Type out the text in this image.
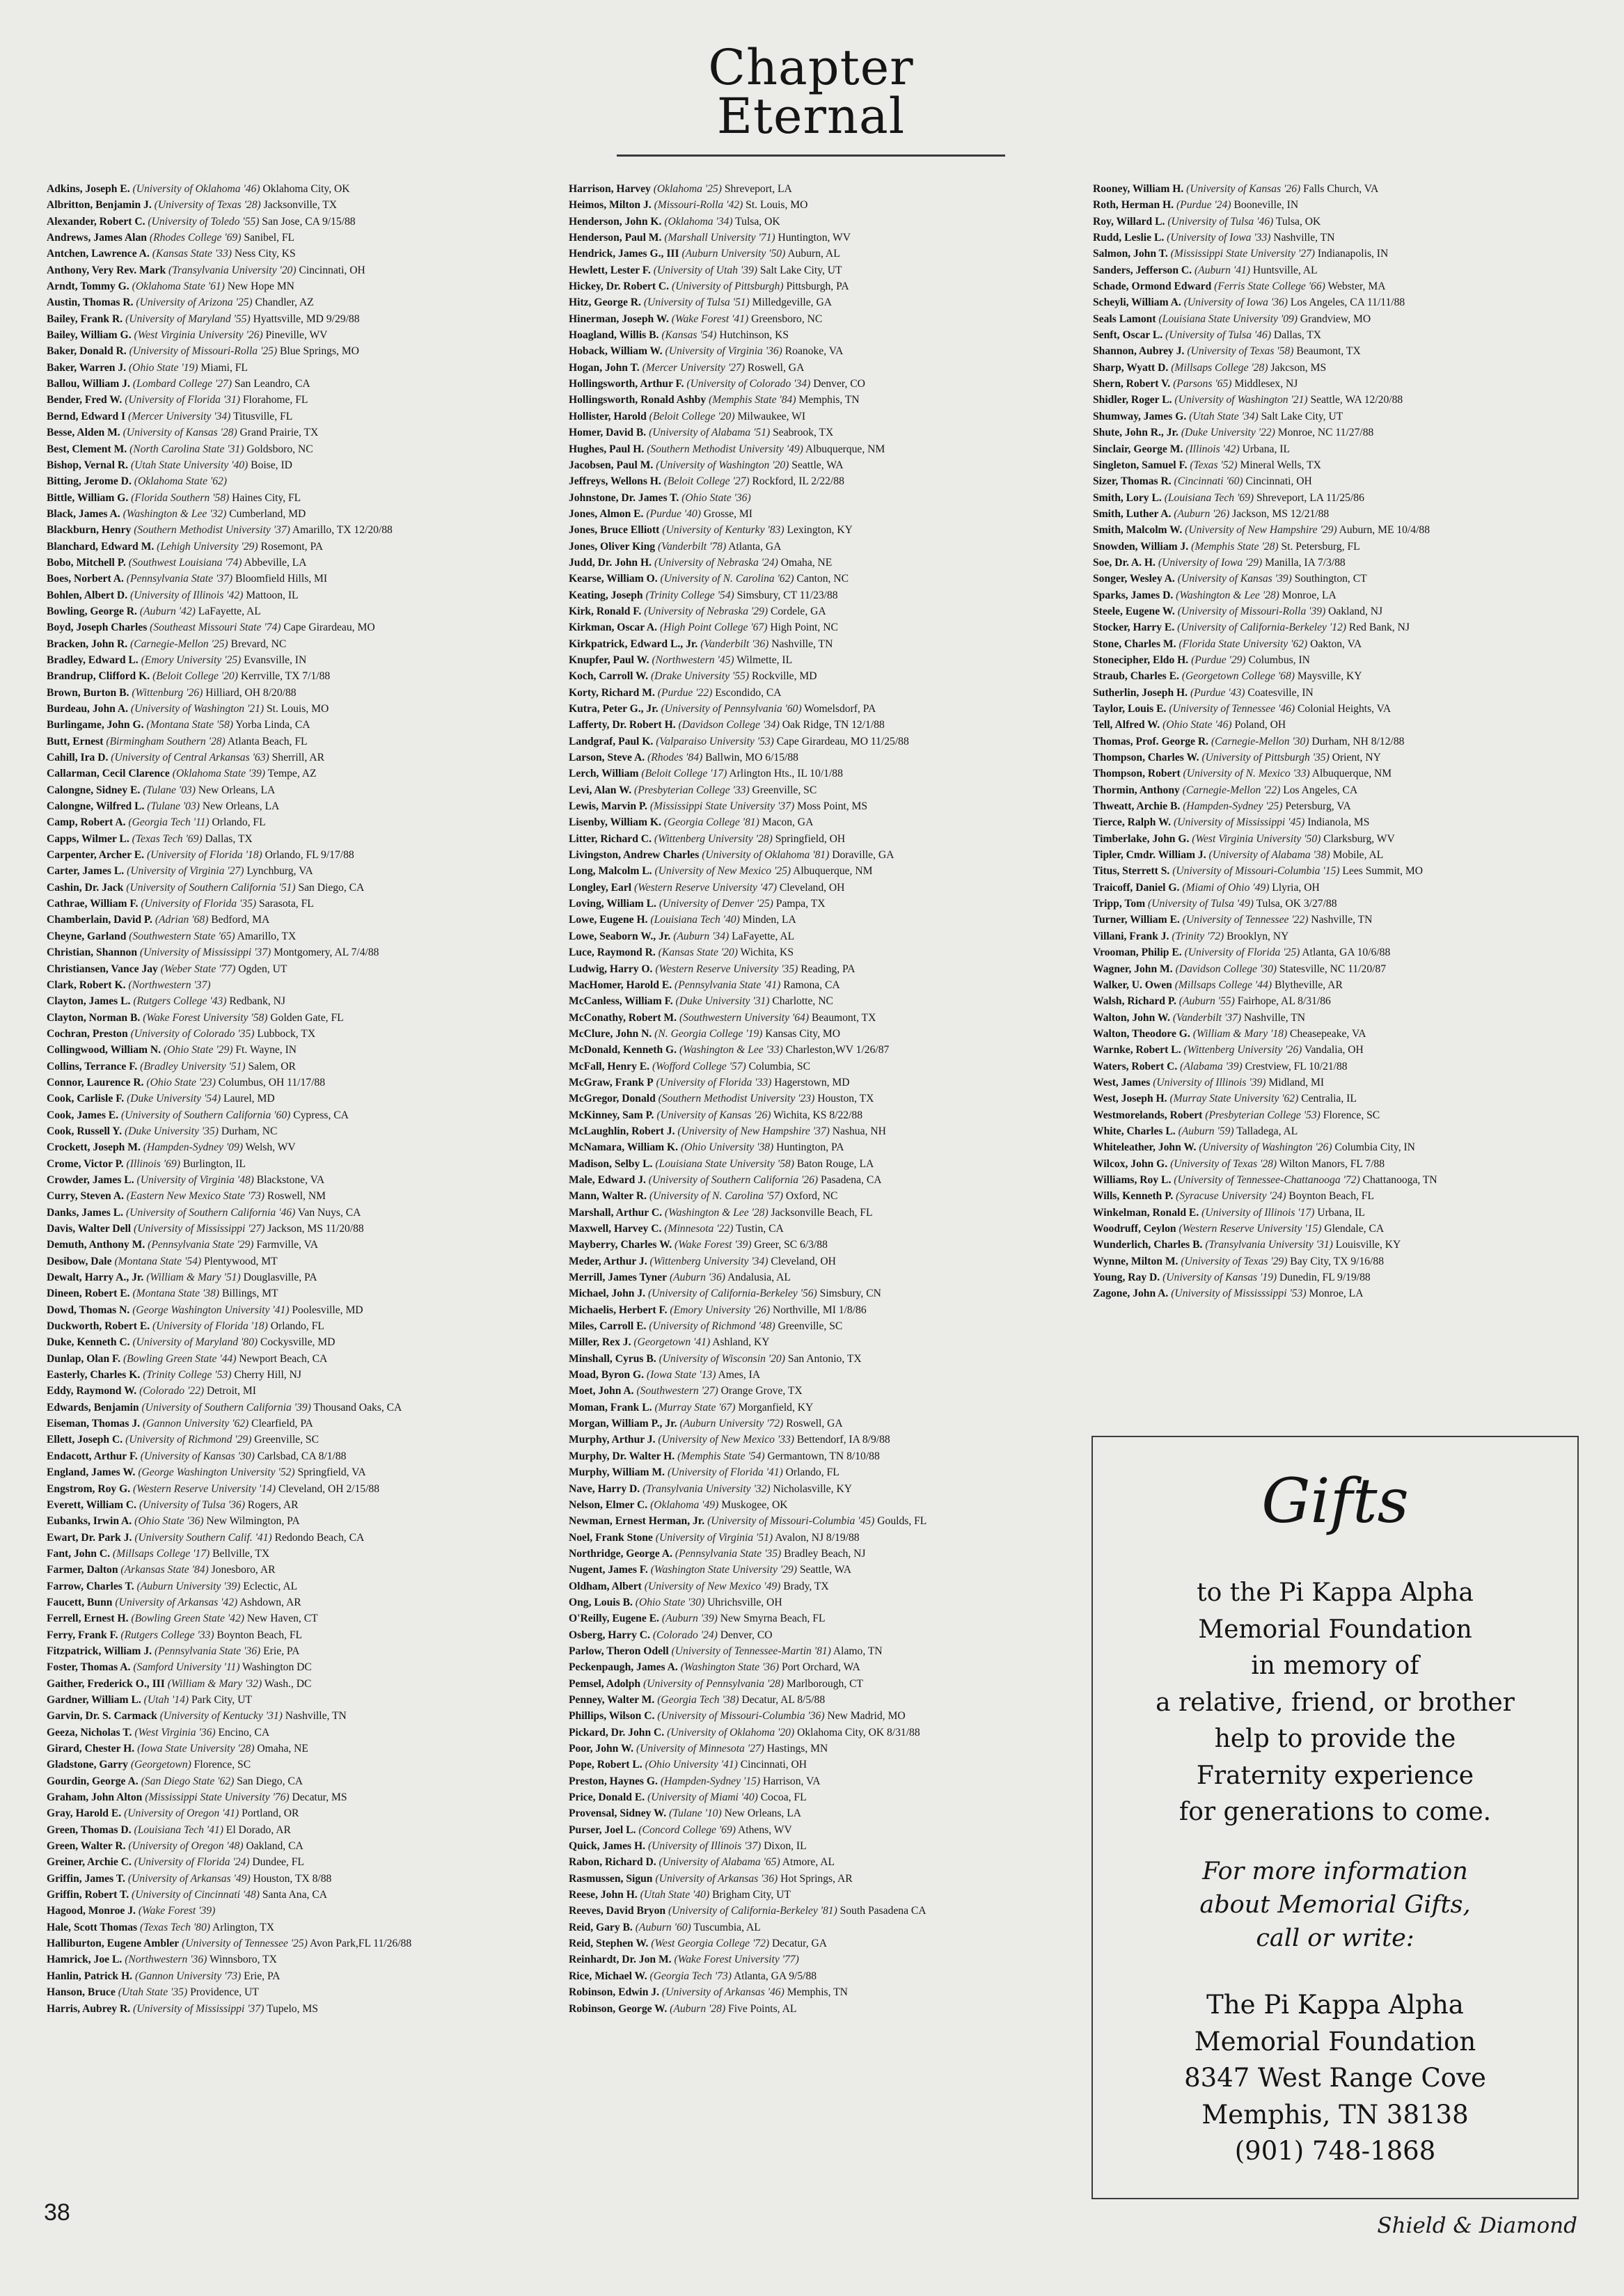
Chapter Eternal
Adkins, Joseph E. (University of Oklahoma '46) Oklahoma City, OK
Albritton, Benjamin J. (University of Texas '28) Jacksonville, TX
Alexander, Robert C. (University of Toledo '55) San Jose, CA 9/15/88
Andrews, James Alan (Rhodes College '69) Sanibel, FL
Antchen, Lawrence A. (Kansas State '33) Ness City, KS
Anthony, Very Rev. Mark (Transylvania University '20) Cincinnati, OH
Arndt, Tommy G. (Oklahoma State '61) New Hope MN
Austin, Thomas R. (University of Arizona '25) Chandler, AZ
Bailey, Frank R. (University of Maryland '55) Hyattsville, MD 9/29/88
Bailey, William G. (West Virginia University '26) Pineville, WV
Baker, Donald R. (University of Missouri-Rolla '25) Blue Springs, MO
Baker, Warren J. (Ohio State '19) Miami, FL
Ballou, William J. (Lombard College '27) San Leandro, CA
Bender, Fred W. (University of Florida '31) Florahome, FL
Bernd, Edward I (Mercer University '34) Titusville, FL
Besse, Alden M. (University of Kansas '28) Grand Prairie, TX
Best, Clement M. (North Carolina State '31) Goldsboro, NC
Bishop, Vernal R. (Utah State University '40) Boise, ID
Bitting, Jerome D. (Oklahoma State '62)
Bittle, William G. (Florida Southern '58) Haines City, FL
Black, James A. (Washington & Lee '32) Cumberland, MD
Blackburn, Henry (Southern Methodist University '37) Amarillo, TX 12/20/88
Blanchard, Edward M. (Lehigh University '29) Rosemont, PA
Bobo, Mitchell P. (Southwest Louisiana '74) Abbeville, LA
Boes, Norbert A. (Pennsylvania State '37) Bloomfield Hills, MI
Bohlen, Albert D. (University of Illinois '42) Mattoon, IL
Bowling, George R. (Auburn '42) LaFayette, AL
Boyd, Joseph Charles (Southeast Missouri State '74) Cape Girardeau, MO
Bracken, John R. (Carnegie-Mellon '25) Brevard, NC
Bradley, Edward L. (Emory University '25) Evansville, IN
Brandrup, Clifford K. (Beloit College '20) Kerrville, TX 7/1/88
Brown, Burton B. (Wittenburg '26) Hilliard, OH 8/20/88
Burdeau, John A. (University of Washington '21) St. Louis, MO
Burlingame, John G. (Montana State '58) Yorba Linda, CA
Butt, Ernest (Birmingham Southern '28) Atlanta Beach, FL
Cahill, Ira D. (University of Central Arkansas '63) Sherrill, AR
Callarman, Cecil Clarence (Oklahoma State '39) Tempe, AZ
Calongne, Sidney E. (Tulane '03) New Orleans, LA
Calongne, Wilfred L. (Tulane '03) New Orleans, LA
Camp, Robert A. (Georgia Tech '11) Orlando, FL
Capps, Wilmer L. (Texas Tech '69) Dallas, TX
Carpenter, Archer E. (University of Florida '18) Orlando, FL 9/17/88
Carter, James L. (University of Virginia '27) Lynchburg, VA
Cashin, Dr. Jack (University of Southern California '51) San Diego, CA
Cathrae, William F. (University of Florida '35) Sarasota, FL
Chamberlain, David P. (Adrian '68) Bedford, MA
Cheyne, Garland (Southwestern State '65) Amarillo, TX
Christian, Shannon (University of Mississippi '37) Montgomery, AL 7/4/88
Christiansen, Vance Jay (Weber State '77) Ogden, UT
Clark, Robert K. (Northwestern '37)
Clayton, James L. (Rutgers College '43) Redbank, NJ
Clayton, Norman B. (Wake Forest University '58) Golden Gate, FL
Cochran, Preston (University of Colorado '35) Lubbock, TX
Collingwood, William N. (Ohio State '29) Ft. Wayne, IN
Collins, Terrance F. (Bradley University '51) Salem, OR
Connor, Laurence R. (Ohio State '23) Columbus, OH 11/17/88
Cook, Carlisle F. (Duke University '54) Laurel, MD
Cook, James E. (University of Southern California '60) Cypress, CA
Cook, Russell Y. (Duke University '35) Durham, NC
Crockett, Joseph M. (Hampden-Sydney '09) Welsh, WV
Crome, Victor P. (Illinois '69) Burlington, IL
Crowder, James L. (University of Virginia '48) Blackstone, VA
Curry, Steven A. (Eastern New Mexico State '73) Roswell, NM
Danks, James L. (University of Southern California '46) Van Nuys, CA
Davis, Walter Dell (University of Mississippi '27) Jackson, MS 11/20/88
Demuth, Anthony M. (Pennsylvania State '29) Farmville, VA
Desibow, Dale (Montana State '54) Plentywood, MT
Dewalt, Harry A., Jr. (William & Mary '51) Douglasville, PA
Dineen, Robert E. (Montana State '38) Billings, MT
Dowd, Thomas N. (George Washington University '41) Poolesville, MD
Duckworth, Robert E. (University of Florida '18) Orlando, FL
Duke, Kenneth C. (University of Maryland '80) Cockysville, MD
Dunlap, Olan F. (Bowling Green State '44) Newport Beach, CA
Easterly, Charles K. (Trinity College '53) Cherry Hill, NJ
Eddy, Raymond W. (Colorado '22) Detroit, MI
Edwards, Benjamin (University of Southern California '39) Thousand Oaks, CA
Eiseman, Thomas J. (Gannon University '62) Clearfield, PA
Ellett, Joseph C. (University of Richmond '29) Greenville, SC
Endacott, Arthur F. (University of Kansas '30) Carlsbad, CA 8/1/88
England, James W. (George Washington University '52) Springfield, VA
Engstrom, Roy G. (Western Reserve University '14) Cleveland, OH 2/15/88
Everett, William C. (University of Tulsa '36) Rogers, AR
Eubanks, Irwin A. (Ohio State '36) New Wilmington, PA
Ewart, Dr. Park J. (University Southern Calif. '41) Redondo Beach, CA
Fant, John C. (Millsaps College '17) Bellville, TX
Farmer, Dalton (Arkansas State '84) Jonesboro, AR
Farrow, Charles T. (Auburn University '39) Eclectic, AL
Faucett, Bunn (University of Arkansas '42) Ashdown, AR
Ferrell, Ernest H. (Bowling Green State '42) New Haven, CT
Ferry, Frank F. (Rutgers College '33) Boynton Beach, FL
Fitzpatrick, William J. (Pennsylvania State '36) Erie, PA
Foster, Thomas A. (Samford University '11) Washington DC
Gaither, Frederick O., III (William & Mary '32) Wash., DC
Gardner, William L. (Utah '14) Park City, UT
Garvin, Dr. S. Carmack (University of Kentucky '31) Nashville, TN
Geeza, Nicholas T. (West Virginia '36) Encino, CA
Girard, Chester H. (Iowa State University '28) Omaha, NE
Gladstone, Garry (Georgetown) Florence, SC
Gourdin, George A. (San Diego State '62) San Diego, CA
Graham, John Alton (Mississippi State University '76) Decatur, MS
Gray, Harold E. (University of Oregon '41) Portland, OR
Green, Thomas D. (Louisiana Tech '41) El Dorado, AR
Green, Walter R. (University of Oregon '48) Oakland, CA
Greiner, Archie C. (University of Florida '24) Dundee, FL
Griffin, James T. (University of Arkansas '49) Houston, TX 8/88
Griffin, Robert T. (University of Cincinnati '48) Santa Ana, CA
Hagood, Monroe J. (Wake Forest '39)
Hale, Scott Thomas (Texas Tech '80) Arlington, TX
Halliburton, Eugene Ambler (University of Tennessee '25) Avon Park,FL 11/26/88
Hamrick, Joe L. (Northwestern '36) Winnsboro, TX
Hanlin, Patrick H. (Gannon University '73) Erie, PA
Hanson, Bruce (Utah State '35) Providence, UT
Harris, Aubrey R. (University of Mississippi '37) Tupelo, MS
Harrison, Harvey (Oklahoma '25) Shreveport, LA
Heimos, Milton J. (Missouri-Rolla '42) St. Louis, MO
Henderson, John K. (Oklahoma '34) Tulsa, OK
Henderson, Paul M. (Marshall University '71) Huntington, WV
Hendrick, James G., III (Auburn University '50) Auburn, AL
Hewlett, Lester F. (University of Utah '39) Salt Lake City, UT
Hickey, Dr. Robert C. (University of Pittsburgh) Pittsburgh, PA
Hitz, George R. (University of Tulsa '51) Milledgeville, GA
Hinerman, Joseph W. (Wake Forest '41) Greensboro, NC
Hoagland, Willis B. (Kansas '54) Hutchinson, KS
Hoback, William W. (University of Virginia '36) Roanoke, VA
Hogan, John T. (Mercer University '27) Roswell, GA
Hollingsworth, Arthur F. (University of Colorado '34) Denver, CO
Hollingsworth, Ronald Ashby (Memphis State '84) Memphis, TN
Hollister, Harold (Beloit College '20) Milwaukee, WI
Homer, David B. (University of Alabama '51) Seabrook, TX
Hughes, Paul H. (Southern Methodist University '49) Albuquerque, NM
Jacobsen, Paul M. (University of Washington '20) Seattle, WA
Jeffreys, Wellons H. (Beloit College '27) Rockford, IL 2/22/88
Johnstone, Dr. James T. (Ohio State '36)
Jones, Almon E. (Purdue '40) Grosse, MI
Jones, Bruce Elliott (University of Kenturky '83) Lexington, KY
Jones, Oliver King (Vanderbilt '78) Atlanta, GA
Judd, Dr. John H. (University of Nebraska '24) Omaha, NE
Kearse, William O. (University of N. Carolina '62) Canton, NC
Keating, Joseph (Trinity College '54) Simsbury, CT 11/23/88
Kirk, Ronald F. (University of Nebraska '29) Cordele, GA
Kirkman, Oscar A. (High Point College '67) High Point, NC
Kirkpatrick, Edward L., Jr. (Vanderbilt '36) Nashville, TN
Knupfer, Paul W. (Northwestern '45) Wilmette, IL
Koch, Carroll W. (Drake University '55) Rockville, MD
Korty, Richard M. (Purdue '22) Escondido, CA
Kutra, Peter G., Jr. (University of Pennsylvania '60) Womelsdorf, PA
Lafferty, Dr. Robert H. (Davidson College '34) Oak Ridge, TN 12/1/88
Landgraf, Paul K. (Valparaiso University '53) Cape Girardeau, MO 11/25/88
Larson, Steve A. (Rhodes '84) Ballwin, MO 6/15/88
Lerch, William (Beloit College '17) Arlington Hts., IL 10/1/88
Levi, Alan W. (Presbyterian College '33) Greenville, SC
Lewis, Marvin P. (Mississippi State University '37) Moss Point, MS
Lisenby, William K. (Georgia College '81) Macon, GA
Litter, Richard C. (Wittenberg University '28) Springfield, OH
Livingston, Andrew Charles (University of Oklahoma '81) Doraville, GA
Long, Malcolm L. (University of New Mexico '25) Albuquerque, NM
Longley, Earl (Western Reserve University '47) Cleveland, OH
Loving, William L. (University of Denver '25) Pampa, TX
Lowe, Eugene H. (Louisiana Tech '40) Minden, LA
Lowe, Seaborn W., Jr. (Auburn '34) LaFayette, AL
Luce, Raymond R. (Kansas State '20) Wichita, KS
Ludwig, Harry O. (Western Reserve University '35) Reading, PA
MacHomer, Harold E. (Pennsylvania State '41) Ramona, CA
McCanless, William F. (Duke University '31) Charlotte, NC
McConathy, Robert M. (Southwestern University '64) Beaumont, TX
McClure, John N. (N. Georgia College '19) Kansas City, MO
McDonald, Kenneth G. (Washington & Lee '33) Charleston,WV 1/26/87
McFall, Henry E. (Wofford College '57) Columbia, SC
McGraw, Frank P (University of Florida '33) Hagerstown, MD
McGregor, Donald (Southern Methodist University '23) Houston, TX
McKinney, Sam P. (University of Kansas '26) Wichita, KS 8/22/88
McLaughlin, Robert J. (University of New Hampshire '37) Nashua, NH
McNamara, William K. (Ohio University '38) Huntington, PA
Madison, Selby L. (Louisiana State University '58) Baton Rouge, LA
Male, Edward J. (University of Southern California '26) Pasadena, CA
Mann, Walter R. (University of N. Carolina '57) Oxford, NC
Marshall, Arthur C. (Washington & Lee '28) Jacksonville Beach, FL
Maxwell, Harvey C. (Minnesota '22) Tustin, CA
Mayberry, Charles W. (Wake Forest '39) Greer, SC 6/3/88
Meder, Arthur J. (Wittenberg University '34) Cleveland, OH
Merrill, James Tyner (Auburn '36) Andalusia, AL
Michael, John J. (University of California-Berkeley '56) Simsbury, CN
Michaelis, Herbert F. (Emory University '26) Northville, MI 1/8/86
Miles, Carroll E. (University of Richmond '48) Greenville, SC
Miller, Rex J. (Georgetown '41) Ashland, KY
Minshall, Cyrus B. (University of Wisconsin '20) San Antonio, TX
Moad, Byron G. (Iowa State '13) Ames, IA
Moet, John A. (Southwestern '27) Orange Grove, TX
Moman, Frank L. (Murray State '67) Morganfield, KY
Morgan, William P., Jr. (Auburn University '72) Roswell, GA
Murphy, Arthur J. (University of New Mexico '33) Bettendorf, IA 8/9/88
Murphy, Dr. Walter H. (Memphis State '54) Germantown, TN 8/10/88
Murphy, William M. (University of Florida '41) Orlando, FL
Nave, Harry D. (Transylvania University '32) Nicholasville, KY
Nelson, Elmer C. (Oklahoma '49) Muskogee, OK
Newman, Ernest Herman, Jr. (University of Missouri-Columbia '45) Goulds, FL
Noel, Frank Stone (University of Virginia '51) Avalon, NJ 8/19/88
Northridge, George A. (Pennsylvania State '35) Bradley Beach, NJ
Nugent, James F. (Washington State University '29) Seattle, WA
Oldham, Albert (University of New Mexico '49) Brady, TX
Ong, Louis B. (Ohio State '30) Uhrichsville, OH
O'Reilly, Eugene E. (Auburn '39) New Smyrna Beach, FL
Osberg, Harry C. (Colorado '24) Denver, CO
Parlow, Theron Odell (University of Tennessee-Martin '81) Alamo, TN
Peckenpaugh, James A. (Washington State '36) Port Orchard, WA
Pemsel, Adolph (University of Pennsylvania '28) Marlborough, CT
Penney, Walter M. (Georgia Tech '38) Decatur, AL 8/5/88
Phillips, Wilson C. (University of Missouri-Columbia '36) New Madrid, MO
Pickard, Dr. John C. (University of Oklahoma '20) Oklahoma City, OK 8/31/88
Poor, John W. (University of Minnesota '27) Hastings, MN
Pope, Robert L. (Ohio University '41) Cincinnati, OH
Preston, Haynes G. (Hampden-Sydney '15) Harrison, VA
Price, Donald E. (University of Miami '40) Cocoa, FL
Provensal, Sidney W. (Tulane '10) New Orleans, LA
Purser, Joel L. (Concord College '69) Athens, WV
Quick, James H. (University of Illinois '37) Dixon, IL
Rabon, Richard D. (University of Alabama '65) Atmore, AL
Rasmussen, Sigun (University of Arkansas '36) Hot Springs, AR
Reese, John H. (Utah State '40) Brigham City, UT
Reeves, David Bryon (University of California-Berkeley '81) South Pasadena CA
Reid, Gary B. (Auburn '60) Tuscumbia, AL
Reid, Stephen W. (West Georgia College '72) Decatur, GA
Reinhardt, Dr. Jon M. (Wake Forest University '77)
Rice, Michael W. (Georgia Tech '73) Atlanta, GA 9/5/88
Robinson, Edwin J. (University of Arkansas '46) Memphis, TN
Robinson, George W. (Auburn '28) Five Points, AL
Rooney, William H. (University of Kansas '26) Falls Church, VA
Roth, Herman H. (Purdue '24) Booneville, IN
Roy, Willard L. (University of Tulsa '46) Tulsa, OK
Rudd, Leslie L. (University of Iowa '33) Nashville, TN
Salmon, John T. (Mississippi State University '27) Indianapolis, IN
Sanders, Jefferson C. (Auburn '41) Huntsville, AL
Schade, Ormond Edward (Ferris State College '66) Webster, MA
Scheyli, William A. (University of Iowa '36) Los Angeles, CA 11/11/88
Seals Lamont (Louisiana State University '09) Grandview, MO
Senft, Oscar L. (University of Tulsa '46) Dallas, TX
Shannon, Aubrey J. (University of Texas '58) Beaumont, TX
Sharp, Wyatt D. (Millsaps College '28) Jakcson, MS
Shern, Robert V. (Parsons '65) Middlesex, NJ
Shidler, Roger L. (University of Washington '21) Seattle, WA 12/20/88
Shumway, James G. (Utah State '34) Salt Lake City, UT
Shute, John R., Jr. (Duke University '22) Monroe, NC 11/27/88
Sinclair, George M. (Illinois '42) Urbana, IL
Singleton, Samuel F. (Texas '52) Mineral Wells, TX
Sizer, Thomas R. (Cincinnati '60) Cincinnati, OH
Smith, Lory L. (Louisiana Tech '69) Shreveport, LA 11/25/86
Smith, Luther A. (Auburn '26) Jackson, MS 12/21/88
Smith, Malcolm W. (University of New Hampshire '29) Auburn, ME 10/4/88
Snowden, William J. (Memphis State '28) St. Petersburg, FL
Soe, Dr. A. H. (University of Iowa '29) Manilla, IA 7/3/88
Songer, Wesley A. (University of Kansas '39) Southington, CT
Sparks, James D. (Washington & Lee '28) Monroe, LA
Steele, Eugene W. (University of Missouri-Rolla '39) Oakland, NJ
Stocker, Harry E. (University of California-Berkeley '12) Red Bank, NJ
Stone, Charles M. (Florida State University '62) Oakton, VA
Stonecipher, Eldo H. (Purdue '29) Columbus, IN
Straub, Charles E. (Georgetown College '68) Maysville, KY
Sutherlin, Joseph H. (Purdue '43) Coatesville, IN
Taylor, Louis E. (University of Tennessee '46) Colonial Heights, VA
Tell, Alfred W. (Ohio State '46) Poland, OH
Thomas, Prof. George R. (Carnegie-Mellon '30) Durham, NH 8/12/88
Thompson, Charles W. (University of Pittsburgh '35) Orient, NY
Thompson, Robert (University of N. Mexico '33) Albuquerque, NM
Thormin, Anthony (Carnegie-Mellon '22) Los Angeles, CA
Thweatt, Archie B. (Hampden-Sydney '25) Petersburg, VA
Tierce, Ralph W. (University of Mississippi '45) Indianola, MS
Timberlake, John G. (West Virginia University '50) Clarksburg, WV
Tipler, Cmdr. William J. (University of Alabama '38) Mobile, AL
Titus, Sterrett S. (University of Missouri-Columbia '15) Lees Summit, MO
Traicoff, Daniel G. (Miami of Ohio '49) Llyria, OH
Tripp, Tom (University of Tulsa '49) Tulsa, OK 3/27/88
Turner, William E. (University of Tennessee '22) Nashville, TN
Villani, Frank J. (Trinity '72) Brooklyn, NY
Vrooman, Philip E. (University of Florida '25) Atlanta, GA 10/6/88
Wagner, John M. (Davidson College '30) Statesville, NC 11/20/87
Walker, U. Owen (Millsaps College '44) Blytheville, AR
Walsh, Richard P. (Auburn '55) Fairhope, AL 8/31/86
Walton, John W. (Vanderbilt '37) Nashville, TN
Walton, Theodore G. (William & Mary '18) Cheasepeake, VA
Warnke, Robert L. (Wittenberg University '26) Vandalia, OH
Waters, Robert C. (Alabama '39) Crestview, FL 10/21/88
West, James (University of Illinois '39) Midland, MI
West, Joseph H. (Murray State University '62) Centralia, IL
Westmorelands, Robert (Presbyterian College '53) Florence, SC
White, Charles L. (Auburn '59) Talladega, AL
Whiteleather, John W. (University of Washington '26) Columbia City, IN
Wilcox, John G. (University of Texas '28) Wilton Manors, FL 7/88
Williams, Roy L. (University of Tennessee-Chattanooga '72) Chattanooga, TN
Wills, Kenneth P. (Syracuse University '24) Boynton Beach, FL
Winkelman, Ronald E. (University of Illinois '17) Urbana, IL
Woodruff, Ceylon (Western Reserve University '15) Glendale, CA
Wunderlich, Charles B. (Transylvania University '31) Louisville, KY
Wynne, Milton M. (University of Texas '29) Bay City, TX 9/16/88
Young, Ray D. (University of Kansas '19) Dunedin, FL 9/19/88
Zagone, John A. (University of Mississsippi '53) Monroe, LA
Gifts
to the Pi Kappa Alpha
Memorial Foundation
in memory of
a relative, friend, or brother
help to provide the
Fraternity experience
for generations to come.
For more information
about Memorial Gifts,
call or write:
The Pi Kappa Alpha
Memorial Foundation
8347 West Range Cove
Memphis, TN 38138
(901) 748-1868
38	Shield & Diamond
